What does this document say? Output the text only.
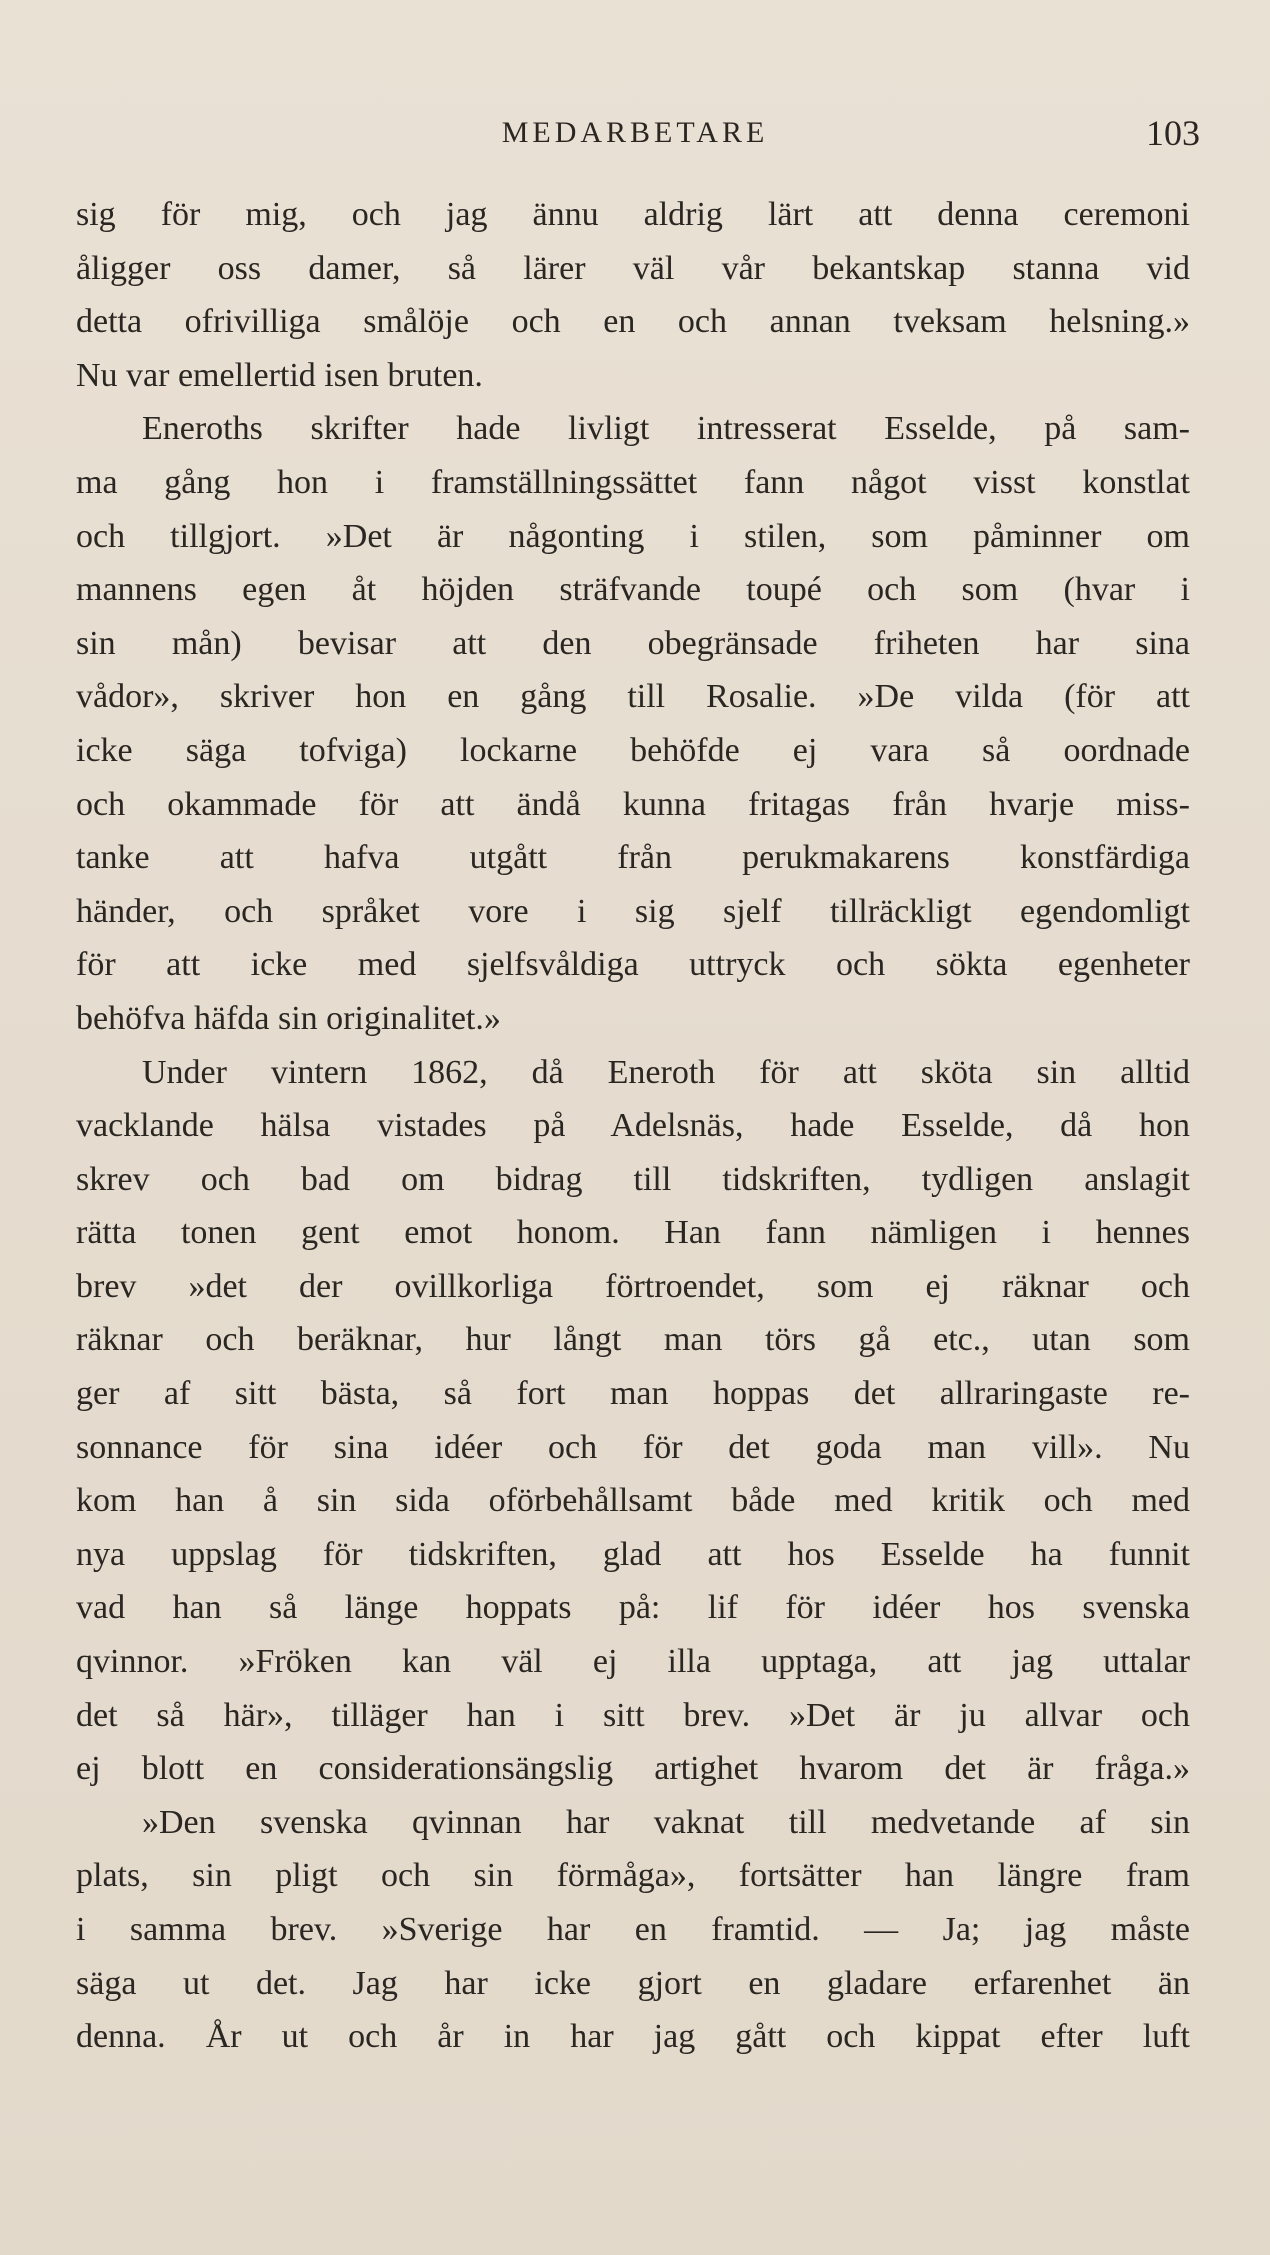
MEDARBETARE	103
sig för mig, och jag ännu aldrig lärt att denna ceremoni
åligger oss damer, så lärer väl vår bekantskap stanna vid
detta ofrivilliga smålöje och en och annan tveksam helsning.»
Nu var emellertid isen bruten.
Eneroths skrifter hade livligt intresserat Esselde, på sam-
ma gång hon i framställningssättet fann något visst konstlat
och tillgjort. »Det är någonting i stilen, som påminner om
mannens egen åt höjden sträfvande toupé och som (hvar i
sin mån) bevisar att den obegränsade friheten har sina
vådor», skriver hon en gång till Rosalie. »De vilda (för att
icke säga tofviga) lockarne behöfde ej vara så oordnade
och okammade för att ändå kunna fritagas från hvarje miss-
tanke att hafva utgått från perukmakarens konstfärdiga
händer, och språket vore i sig sjelf tillräckligt egendomligt
för att icke med sjelfsvåldiga uttryck och sökta egenheter
behöfva häfda sin originalitet.»
Under vintern 1862, då Eneroth för att sköta sin alltid
vacklande hälsa vistades på Adelsnäs, hade Esselde, då hon
skrev och bad om bidrag till tidskriften, tydligen anslagit
rätta tonen gent emot honom. Han fann nämligen i hennes
brev »det der ovillkorliga förtroendet, som ej räknar och
räknar och beräknar, hur långt man törs gå etc., utan som
ger af sitt bästa, så fort man hoppas det allraringaste re-
sonnance för sina idéer och för det goda man vill». Nu
kom han å sin sida oförbehållsamt både med kritik och med
nya uppslag för tidskriften, glad att hos Esselde ha funnit
vad han så länge hoppats på: lif för idéer hos svenska
qvinnor. »Fröken kan väl ej illa upptaga, att jag uttalar
det så här», tilläger han i sitt brev. »Det är ju allvar och
ej blott en considerationsängslig artighet hvarom det är fråga.»
»Den svenska qvinnan har vaknat till medvetande af sin
plats, sin pligt och sin förmåga», fortsätter han längre fram
i samma brev. »Sverige har en framtid. — Ja; jag måste
säga ut det. Jag har icke gjort en gladare erfarenhet än
denna. År ut och år in har jag gått och kippat efter luft
